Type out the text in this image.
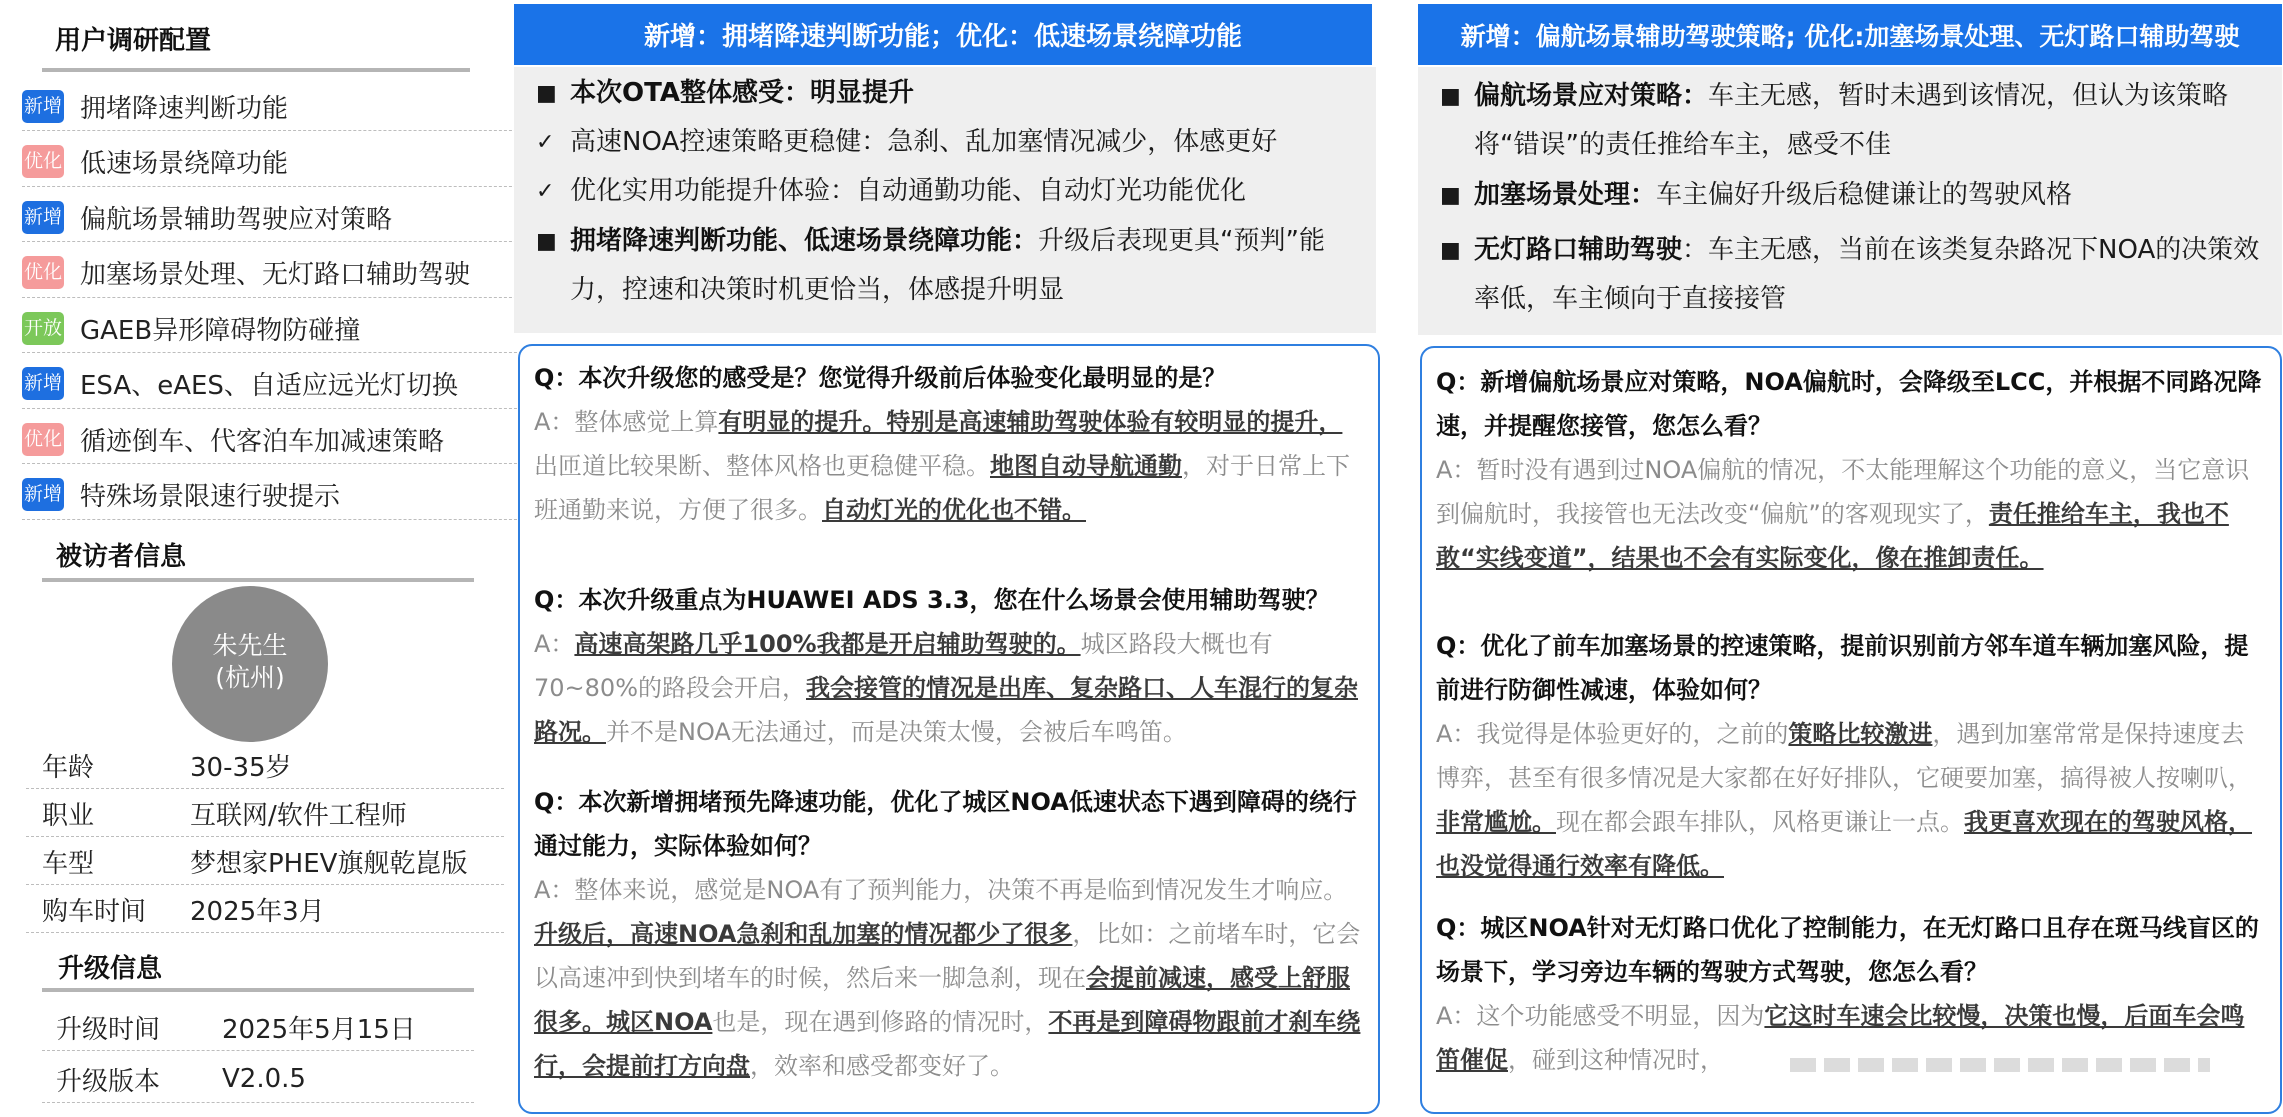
用户调研配置
新增 拥堵降速判断功能
优化 低速场景绕障功能
新增 偏航场景辅助驾驶应对策略
优化 加塞场景处理、无灯路口辅助驾驶
开放 GAEB异形障碍物防碰撞
新增 ESA、eAES、自适应远光灯切换
优化 循迹倒车、代客泊车加减速策略
新增 特殊场景限速行驶提示
被访者信息
朱先生
(杭州)
年龄	30-35岁
职业	互联网/软件工程师
车型	梦想家PHEV旗舰乾崑版
购车时间 2025年3月
升级信息
升级时间 2025年5月15日
升级版本 V2.0.5
新增：拥堵降速判断功能；优化：低速场景绕障功能
■ 本次OTA整体感受：明显提升
✓ 高速NOA控速策略更稳健：急刹、乱加塞情况减少，体感更好
✓ 优化实用功能提升体验：自动通勤功能、自动灯光功能优化
■ 拥堵降速判断功能、低速场景绕障功能：升级后表现更具“预判”能力，控速和决策时机更恰当，体感提升明显
Q：本次升级您的感受是？您觉得升级前后体验变化最明显的是？
A：整体感觉上算有明显的提升。特别是高速辅助驾驶体验有较明显的提升，出匝道比较果断、整体风格也更稳健平稳。地图自动导航通勤，对于日常上下班通勤来说，方便了很多。自动灯光的优化也不错。
Q：本次升级重点为HUAWEI ADS 3.3，您在什么场景会使用辅助驾驶？
A：高速高架路几乎100%我都是开启辅助驾驶的。城区路段大概也有70~80%的路段会开启，我会接管的情况是出库、复杂路口、人车混行的复杂路况。并不是NOA无法通过，而是决策太慢，会被后车鸣笛。
Q：本次新增拥堵预先降速功能，优化了城区NOA低速状态下遇到障碍的绕行通过能力，实际体验如何？
A：整体来说，感觉是NOA有了预判能力，决策不再是临到情况发生才响应。升级后，高速NOA急刹和乱加塞的情况都少了很多，比如：之前堵车时，它会以高速冲到快到堵车的时候，然后来一脚急刹，现在会提前减速，感受上舒服很多。城区NOA也是，现在遇到修路的情况时，不再是到障碍物跟前才刹车绕行，会提前打方向盘，效率和感受都变好了。
新增：偏航场景辅助驾驶策略; 优化:加塞场景处理、无灯路口辅助驾驶
■ 偏航场景应对策略：车主无感，暂时未遇到该情况，但认为该策略将“错误”的责任推给车主，感受不佳
■ 加塞场景处理：车主偏好升级后稳健谦让的驾驶风格
■ 无灯路口辅助驾驶：车主无感，当前在该类复杂路况下NOA的决策效率低，车主倾向于直接接管
Q：新增偏航场景应对策略，NOA偏航时，会降级至LCC，并根据不同路况降速，并提醒您接管，您怎么看？
A：暂时没有遇到过NOA偏航的情况，不太能理解这个功能的意义，当它意识到偏航时，我接管也无法改变“偏航”的客观现实了，责任推给车主，我也不敢“实线变道”，结果也不会有实际变化，像在推卸责任。
Q：优化了前车加塞场景的控速策略，提前识别前方邻车道车辆加塞风险，提前进行防御性减速，体验如何？
A：我觉得是体验更好的，之前的策略比较激进，遇到加塞常常是保持速度去博弈，甚至有很多情况是大家都在好好排队，它硬要加塞，搞得被人按喇叭，非常尴尬。现在都会跟车排队，风格更谦让一点。我更喜欢现在的驾驶风格，也没觉得通行效率有降低。
Q：城区NOA针对无灯路口优化了控制能力，在无灯路口且存在斑马线盲区的场景下，学习旁边车辆的驾驶方式驾驶，您怎么看？
A：这个功能感受不明显，因为它这时车速会比较慢，决策也慢，后面车会鸣笛催促，碰到这种情况时，
